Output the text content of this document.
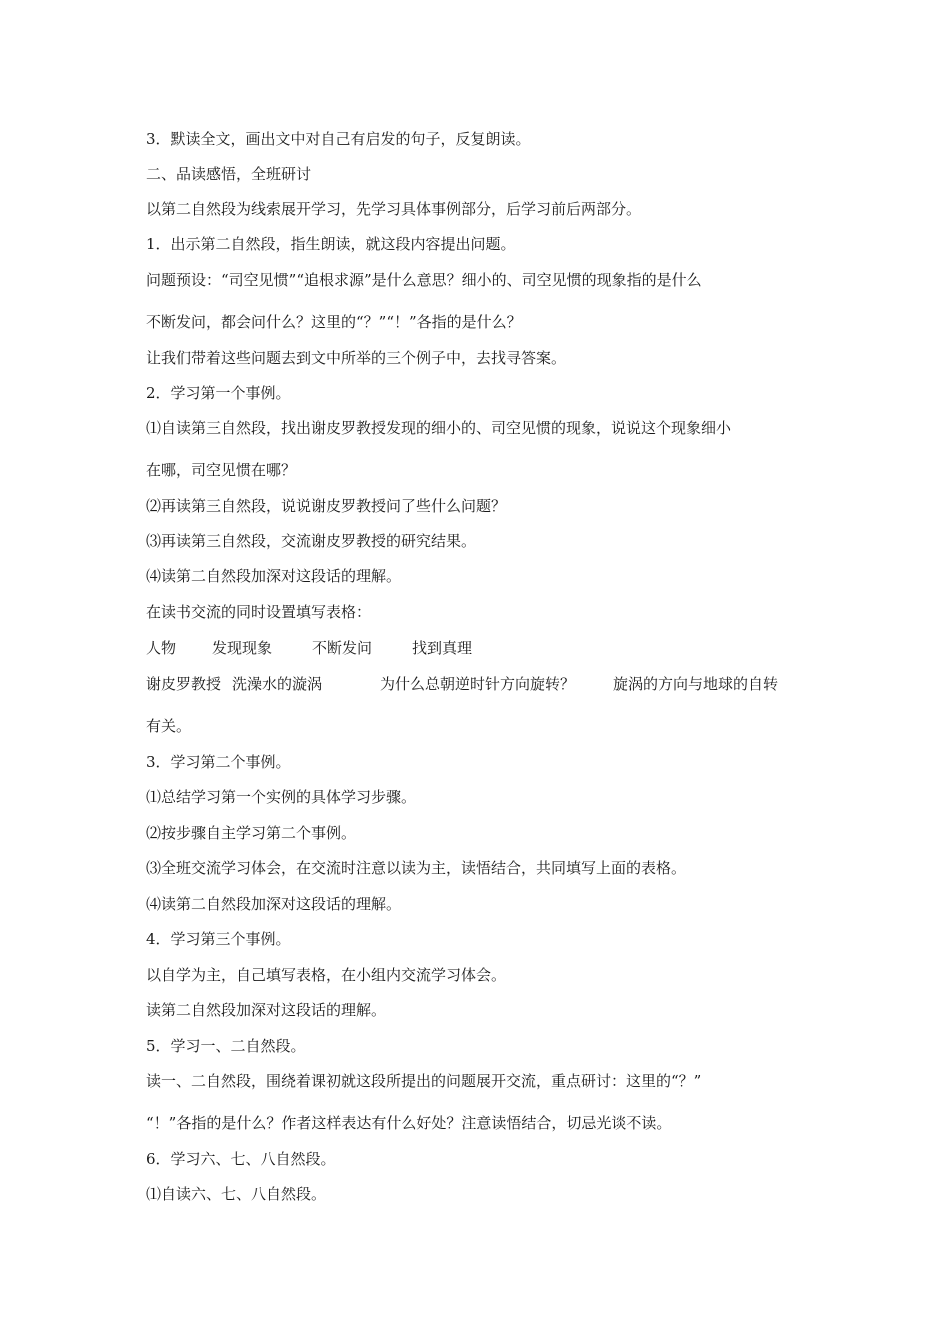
3．默读全文，画出文中对自己有启发的句子，反复朗读。
二、品读感悟，全班研讨
以第二自然段为线索展开学习，先学习具体事例部分，后学习前后两部分。
1．出示第二自然段，指生朗读，就这段内容提出问题。
问题预设：“司空见惯”“追根求源”是什么意思？细小的、司空见惯的现象指的是什么
不断发问，都会问什么？这里的“？”“！”各指的是什么？
让我们带着这些问题去到文中所举的三个例子中，去找寻答案。
2．学习第一个事例。
⑴自读第三自然段，找出谢皮罗教授发现的细小的、司空见惯的现象，说说这个现象细小
在哪，司空见惯在哪？
⑵再读第三自然段，说说谢皮罗教授问了些什么问题？
⑶再读第三自然段，交流谢皮罗教授的研究结果。
⑷读第二自然段加深对这段话的理解。
在读书交流的同时设置填写表格：
人物 发现现象	不断发问	找到真理
谢皮罗教授 洗澡水的漩涡	为什么总朝逆时针方向旋转？	旋涡的方向与地球的自转
有关。
3．学习第二个事例。
⑴总结学习第一个实例的具体学习步骤。
⑵按步骤自主学习第二个事例。
⑶全班交流学习体会，在交流时注意以读为主，读悟结合，共同填写上面的表格。
⑷读第二自然段加深对这段话的理解。
4．学习第三个事例。
以自学为主，自己填写表格，在小组内交流学习体会。
读第二自然段加深对这段话的理解。
5．学习一、二自然段。
读一、二自然段，围绕着课初就这段所提出的问题展开交流，重点研讨：这里的“？”
“！”各指的是什么？作者这样表达有什么好处？注意读悟结合，切忌光谈不读。
6．学习六、七、八自然段。
⑴自读六、七、八自然段。
